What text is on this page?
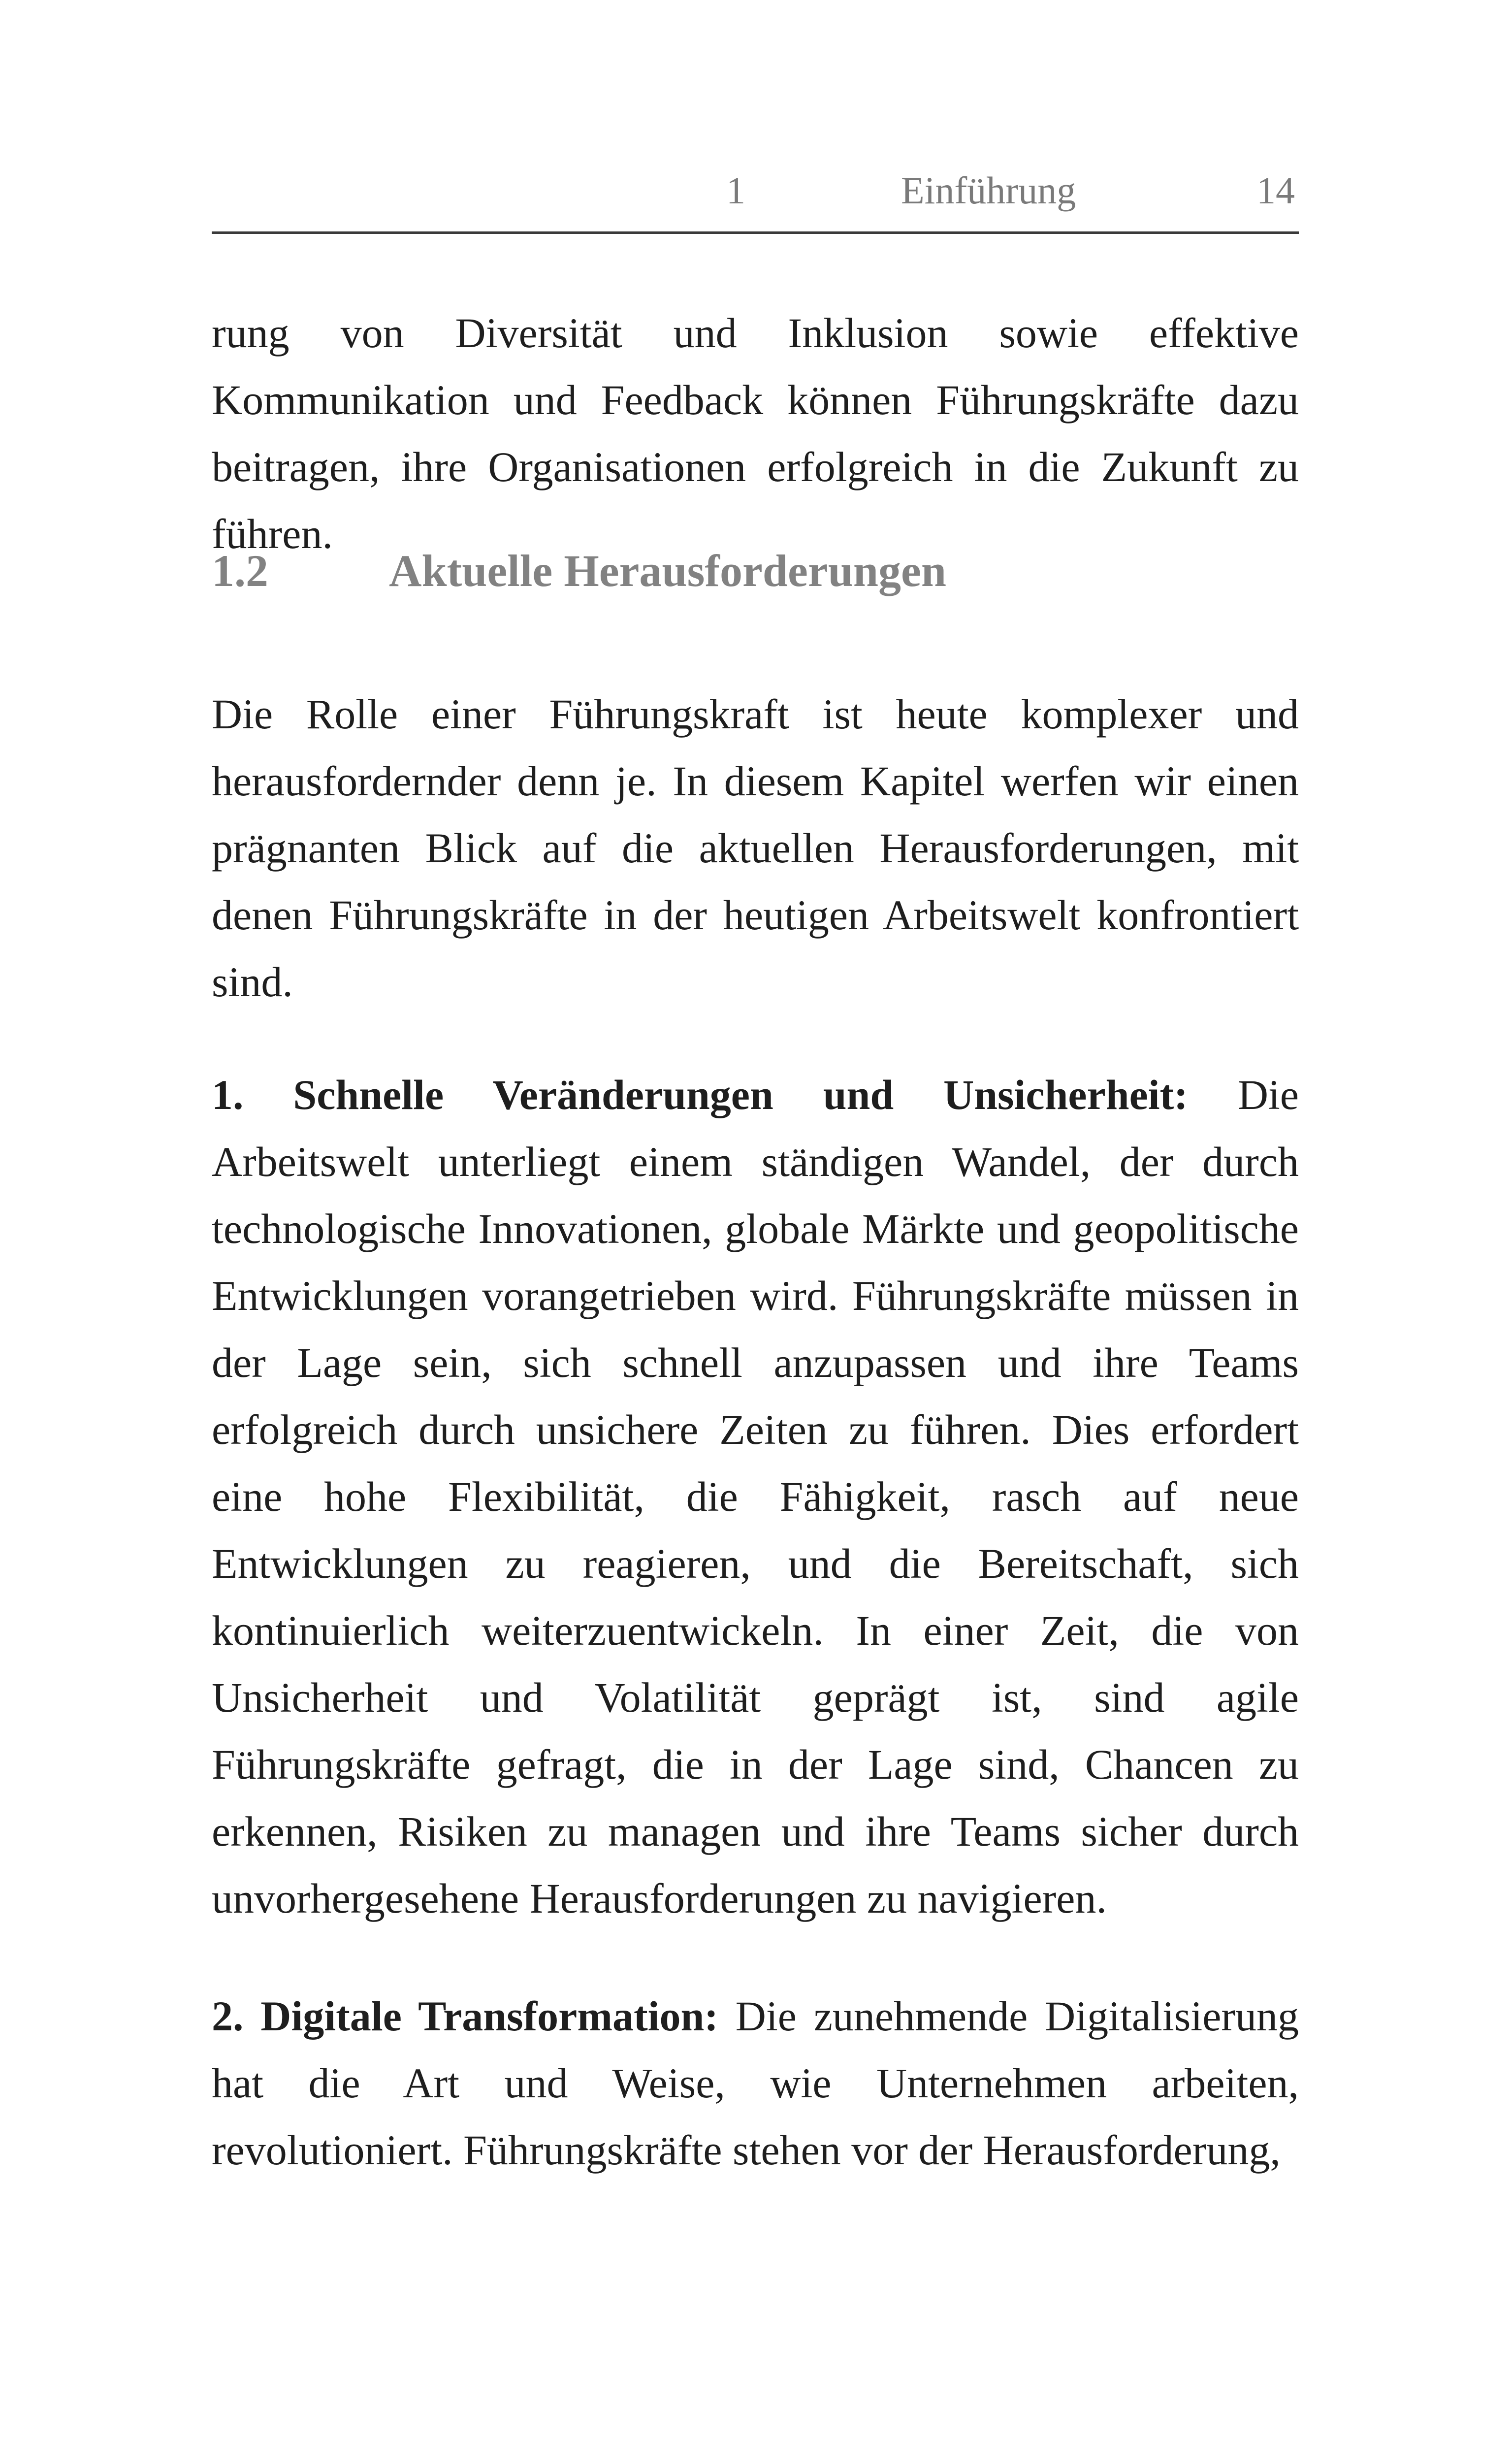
1	Einführung	14

rung von Diversität und Inklusion sowie effektive Kommunikation und Feedback können Führungskräfte dazu beitragen, ihre Organisationen erfolgreich in die Zukunft zu führen.

1.2	Aktuelle Herausforderungen

Die Rolle einer Führungskraft ist heute komplexer und herausfordernder denn je. In diesem Kapitel werfen wir einen prägnanten Blick auf die aktuellen Herausforderungen, mit denen Führungskräfte in der heutigen Arbeitswelt konfrontiert sind.

1. Schnelle Veränderungen und Unsicherheit: Die Arbeitswelt unterliegt einem ständigen Wandel, der durch technologische Innovationen, globale Märkte und geopolitische Entwicklungen vorangetrieben wird. Führungskräfte müssen in der Lage sein, sich schnell anzupassen und ihre Teams erfolgreich durch unsichere Zeiten zu führen. Dies erfordert eine hohe Flexibilität, die Fähigkeit, rasch auf neue Entwicklungen zu reagieren, und die Bereitschaft, sich kontinuierlich weiterzuentwickeln. In einer Zeit, die von Unsicherheit und Volatilität geprägt ist, sind agile Führungskräfte gefragt, die in der Lage sind, Chancen zu erkennen, Risiken zu managen und ihre Teams sicher durch unvorhergesehene Herausforderungen zu navigieren.

2. Digitale Transformation: Die zunehmende Digitalisierung hat die Art und Weise, wie Unternehmen arbeiten, revolutioniert. Führungskräfte stehen vor der Herausforderung,
